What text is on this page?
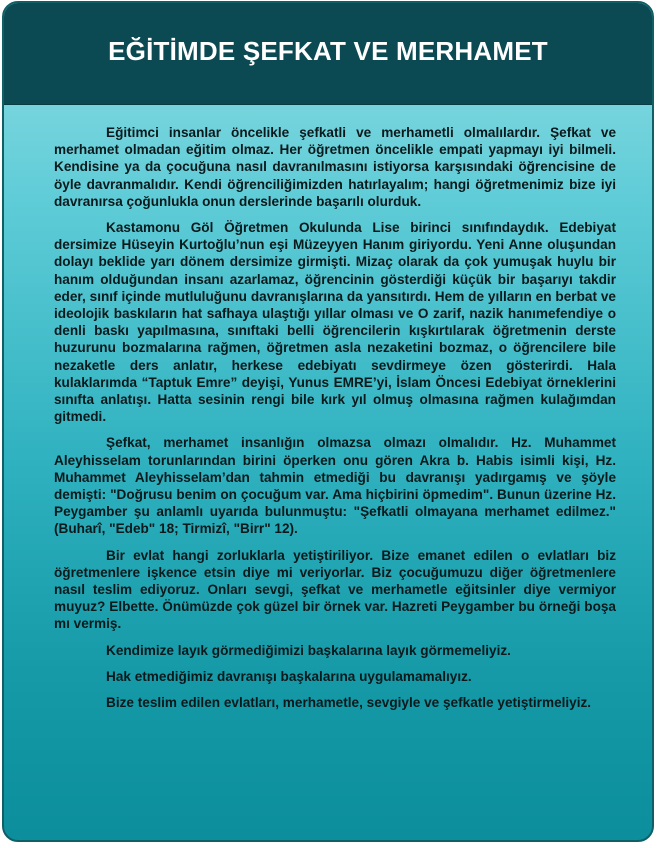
EĞİTİMDE ŞEFKAT VE MERHAMET

Eğitimci insanlar öncelikle şefkatli ve merhametli olmalılardır. Şefkat ve merhamet olmadan eğitim olmaz. Her öğretmen öncelikle empati yapmayı iyi bilmeli. Kendisine ya da çocuğuna nasıl davranılmasını istiyorsa karşısındaki öğrencisine de öyle davranmalıdır. Kendi öğrenciliğimizden hatırlayalım; hangi öğretmenimiz bize iyi davranırsa çoğunlukla onun derslerinde başarılı olurduk.

Kastamonu Göl Öğretmen Okulunda Lise birinci sınıfındaydık. Edebiyat dersimize Hüseyin Kurtoğlu’nun eşi Müzeyyen Hanım giriyordu. Yeni Anne oluşundan dolayı beklide yarı dönem dersimize girmişti. Mizaç olarak da çok yumuşak huylu bir hanım olduğundan insanı azarlamaz, öğrencinin gösterdiği küçük bir başarıyı takdir eder, sınıf içinde mutluluğunu davranışlarına da yansıtırdı. Hem de yılların en berbat ve ideolojik baskıların hat safhaya ulaştığı yıllar olması ve O zarif, nazik hanımefendiye o denli baskı yapılmasına, sınıftaki belli öğrencilerin kışkırtılarak öğretmenin derste huzurunu bozmalarına rağmen, öğretmen asla nezaketini bozmaz, o öğrencilere bile nezaketle ders anlatır, herkese edebiyatı sevdirmeye özen gösterirdi. Hala kulaklarımda “Taptuk Emre” deyişi, Yunus EMRE’yi, İslam Öncesi Edebiyat örneklerini sınıfta anlatışı. Hatta sesinin rengi bile kırk yıl olmuş olmasına rağmen kulağımdan gitmedi.

Şefkat, merhamet insanlığın olmazsa olmazı olmalıdır. Hz. Muhammet Aleyhisselam torunlarından birini öperken onu gören Akra b. Habis isimli kişi, Hz. Muhammet Aleyhisselam’dan tahmin etmediği bu davranışı yadırgamış ve şöyle demişti: "Doğrusu benim on çocuğum var. Ama hiçbirini öpmedim". Bunun üzerine Hz. Peygamber şu anlamlı uyarıda bulunmuştu: "Şefkatli olmayana merhamet edilmez." (Buharî, "Edeb" 18; Tirmizî, "Birr" 12).

Bir evlat hangi zorluklarla yetiştiriliyor. Bize emanet edilen o evlatları biz öğretmenlere işkence etsin diye mi veriyorlar. Biz çocuğumuzu diğer öğretmenlere nasıl teslim ediyoruz. Onları sevgi, şefkat ve merhametle eğitsinler diye vermiyor muyuz? Elbette. Önümüzde çok güzel bir örnek var. Hazreti Peygamber bu örneği boşa mı vermiş.

Kendimize layık görmediğimizi başkalarına layık görmemeliyiz.

Hak etmediğimiz davranışı başkalarına uygulamamalıyız.

Bize teslim edilen evlatları, merhametle, sevgiyle ve şefkatle yetiştirmeliyiz.
